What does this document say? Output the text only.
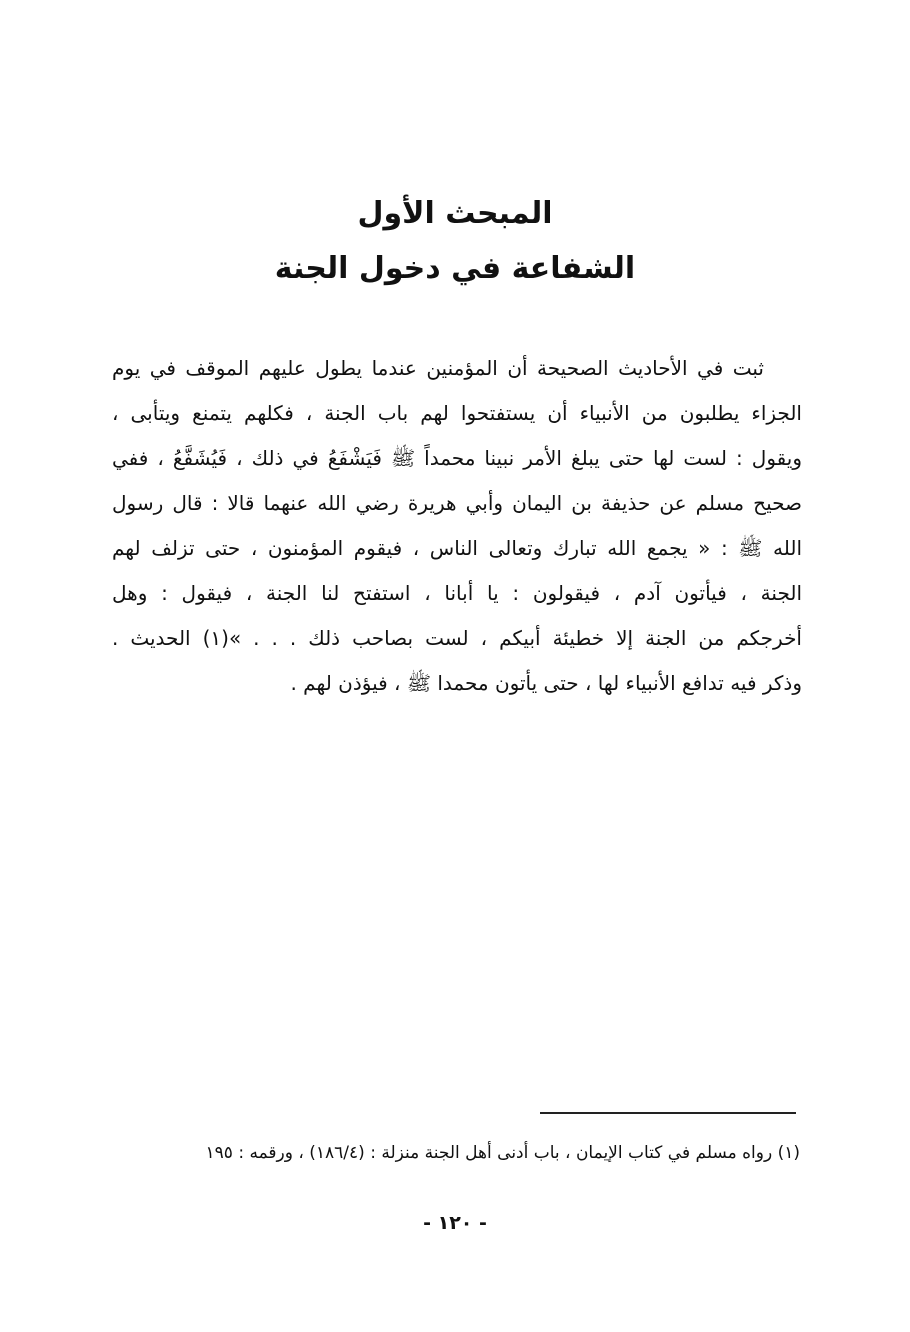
المبحث الأول
الشفاعة في دخول الجنة
ثبت في الأحاديث الصحيحة أن المؤمنين عندما يطول عليهم الموقف في يوم
الجزاء يطلبون من الأنبياء أن يستفتحوا لهم باب الجنة ، فكلهم يتمنع ويتأبى ،
ويقول : لست لها حتى يبلغ الأمر نبينا محمداً ﷺ فَيَشْفَعُ في ذلك ، فَيُشَفَّعُ ، ففي
صحيح مسلم عن حذيفة بن اليمان وأبي هريرة رضي الله عنهما قالا : قال رسول
الله ﷺ : « يجمع الله تبارك وتعالى الناس ، فيقوم المؤمنون ، حتى تزلف لهم
الجنة ، فيأتون آدم ، فيقولون : يا أبانا ، استفتح لنا الجنة ، فيقول : وهل
أخرجكم من الجنة إلا خطيئة أبيكم ، لست بصاحب ذلك . . . »(١) الحديث .
وذكر فيه تدافع الأنبياء لها ، حتى يأتون محمدا ﷺ ، فيؤذن لهم .
(١) رواه مسلم في كتاب الإيمان ، باب أدنى أهل الجنة منزلة : (١٨٦/٤) ، ورقمه : ١٩٥
- ١٢٠ -
